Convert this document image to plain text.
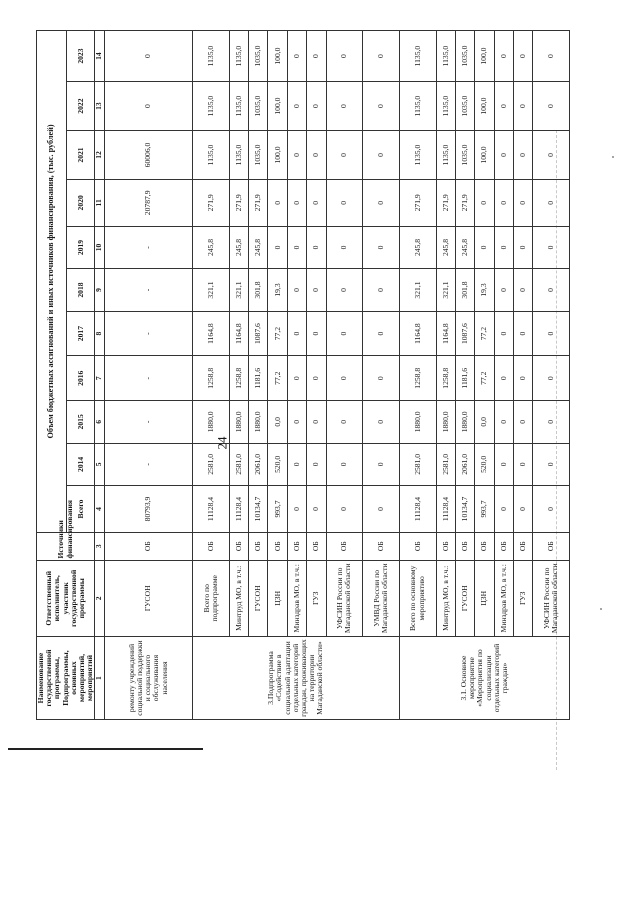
24
Наименование государственной программы, Подпрограммы, основных мероприятий, мероприятий	Ответственный исполнитель, участник государственной программы	Источники финансирования	Объем бюджетных ассигнований и иных источников финансирования, (тыс. рублей)										
			Всего	2014	2015	2016	2017	2018	2019	2020	2021	2022	2023
1	2	3	4	5	6	7	8	9	10	11	12	13	14
ремонту учреждений социальной поддержки и социального обслуживания населения	ГУСОН	ОБ	80793,9	-	-	-	-	-	-	20787,9	60006,0	0	0
3.Подпрограмма «Содействие в социальной адаптации отдельных категорий граждан, проживающих на территории Магаданской области»	Всего по подпрограмме	ОБ	11128,4	2581,0	1880,0	1258,8	1164,8	321,1	245,8	271,9	1135,0	1135,0	1135,0
	Минтруд МО, в т.ч.:	ОБ	11128,4	2581,0	1880,0	1258,8	1164,8	321,1	245,8	271,9	1135,0	1135,0	1135,0
	ГУСОН	ОБ	10134,7	2061,0	1880,0	1181,6	1087,6	301,8	245,8	271,9	1035,0	1035,0	1035,0
	ЦЗН	ОБ	993,7	520,0	0,0	77,2	77,2	19,3	0	0	100,0	100,0	100,0
	Минздрав МО, в т.ч.:	ОБ	0	0	0	0	0	0	0	0	0	0	0
	ГУЗ	ОБ	0	0	0	0	0	0	0	0	0	0	0
	УФСИН России по Магаданской области	ОБ	0	0	0	0	0	0	0	0	0	0	0
	УМВД России по Магаданской области	ОБ	0	0	0	0	0	0	0	0	0	0	0
3.1. Основное мероприятие «Мероприятия по социализации отдельных категорий граждан»	Всего по основному мероприятию	ОБ	11128,4	2581,0	1880,0	1258,8	1164,8	321,1	245,8	271,9	1135,0	1135,0	1135,0
	Минтруд МО, в т.ч.:	ОБ	11128,4	2581,0	1880,0	1258,8	1164,8	321,1	245,8	271,9	1135,0	1135,0	1135,0
	ГУСОН	ОБ	10134,7	2061,0	1880,0	1181,6	1087,6	301,8	245,8	271,9	1035,0	1035,0	1035,0
	ЦЗН	ОБ	993,7	520,0	0,0	77,2	77,2	19,3	0	0	100,0	100,0	100,0
	Минздрав МО, в т.ч.:	ОБ	0	0	0	0	0	0	0	0	0	0	0
	ГУЗ	ОБ	0	0	0	0	0	0	0	0	0	0	0
	УФСИН России по Магаданской области	ОБ	0	0	0	0	0	0	0	0	0	0	0
